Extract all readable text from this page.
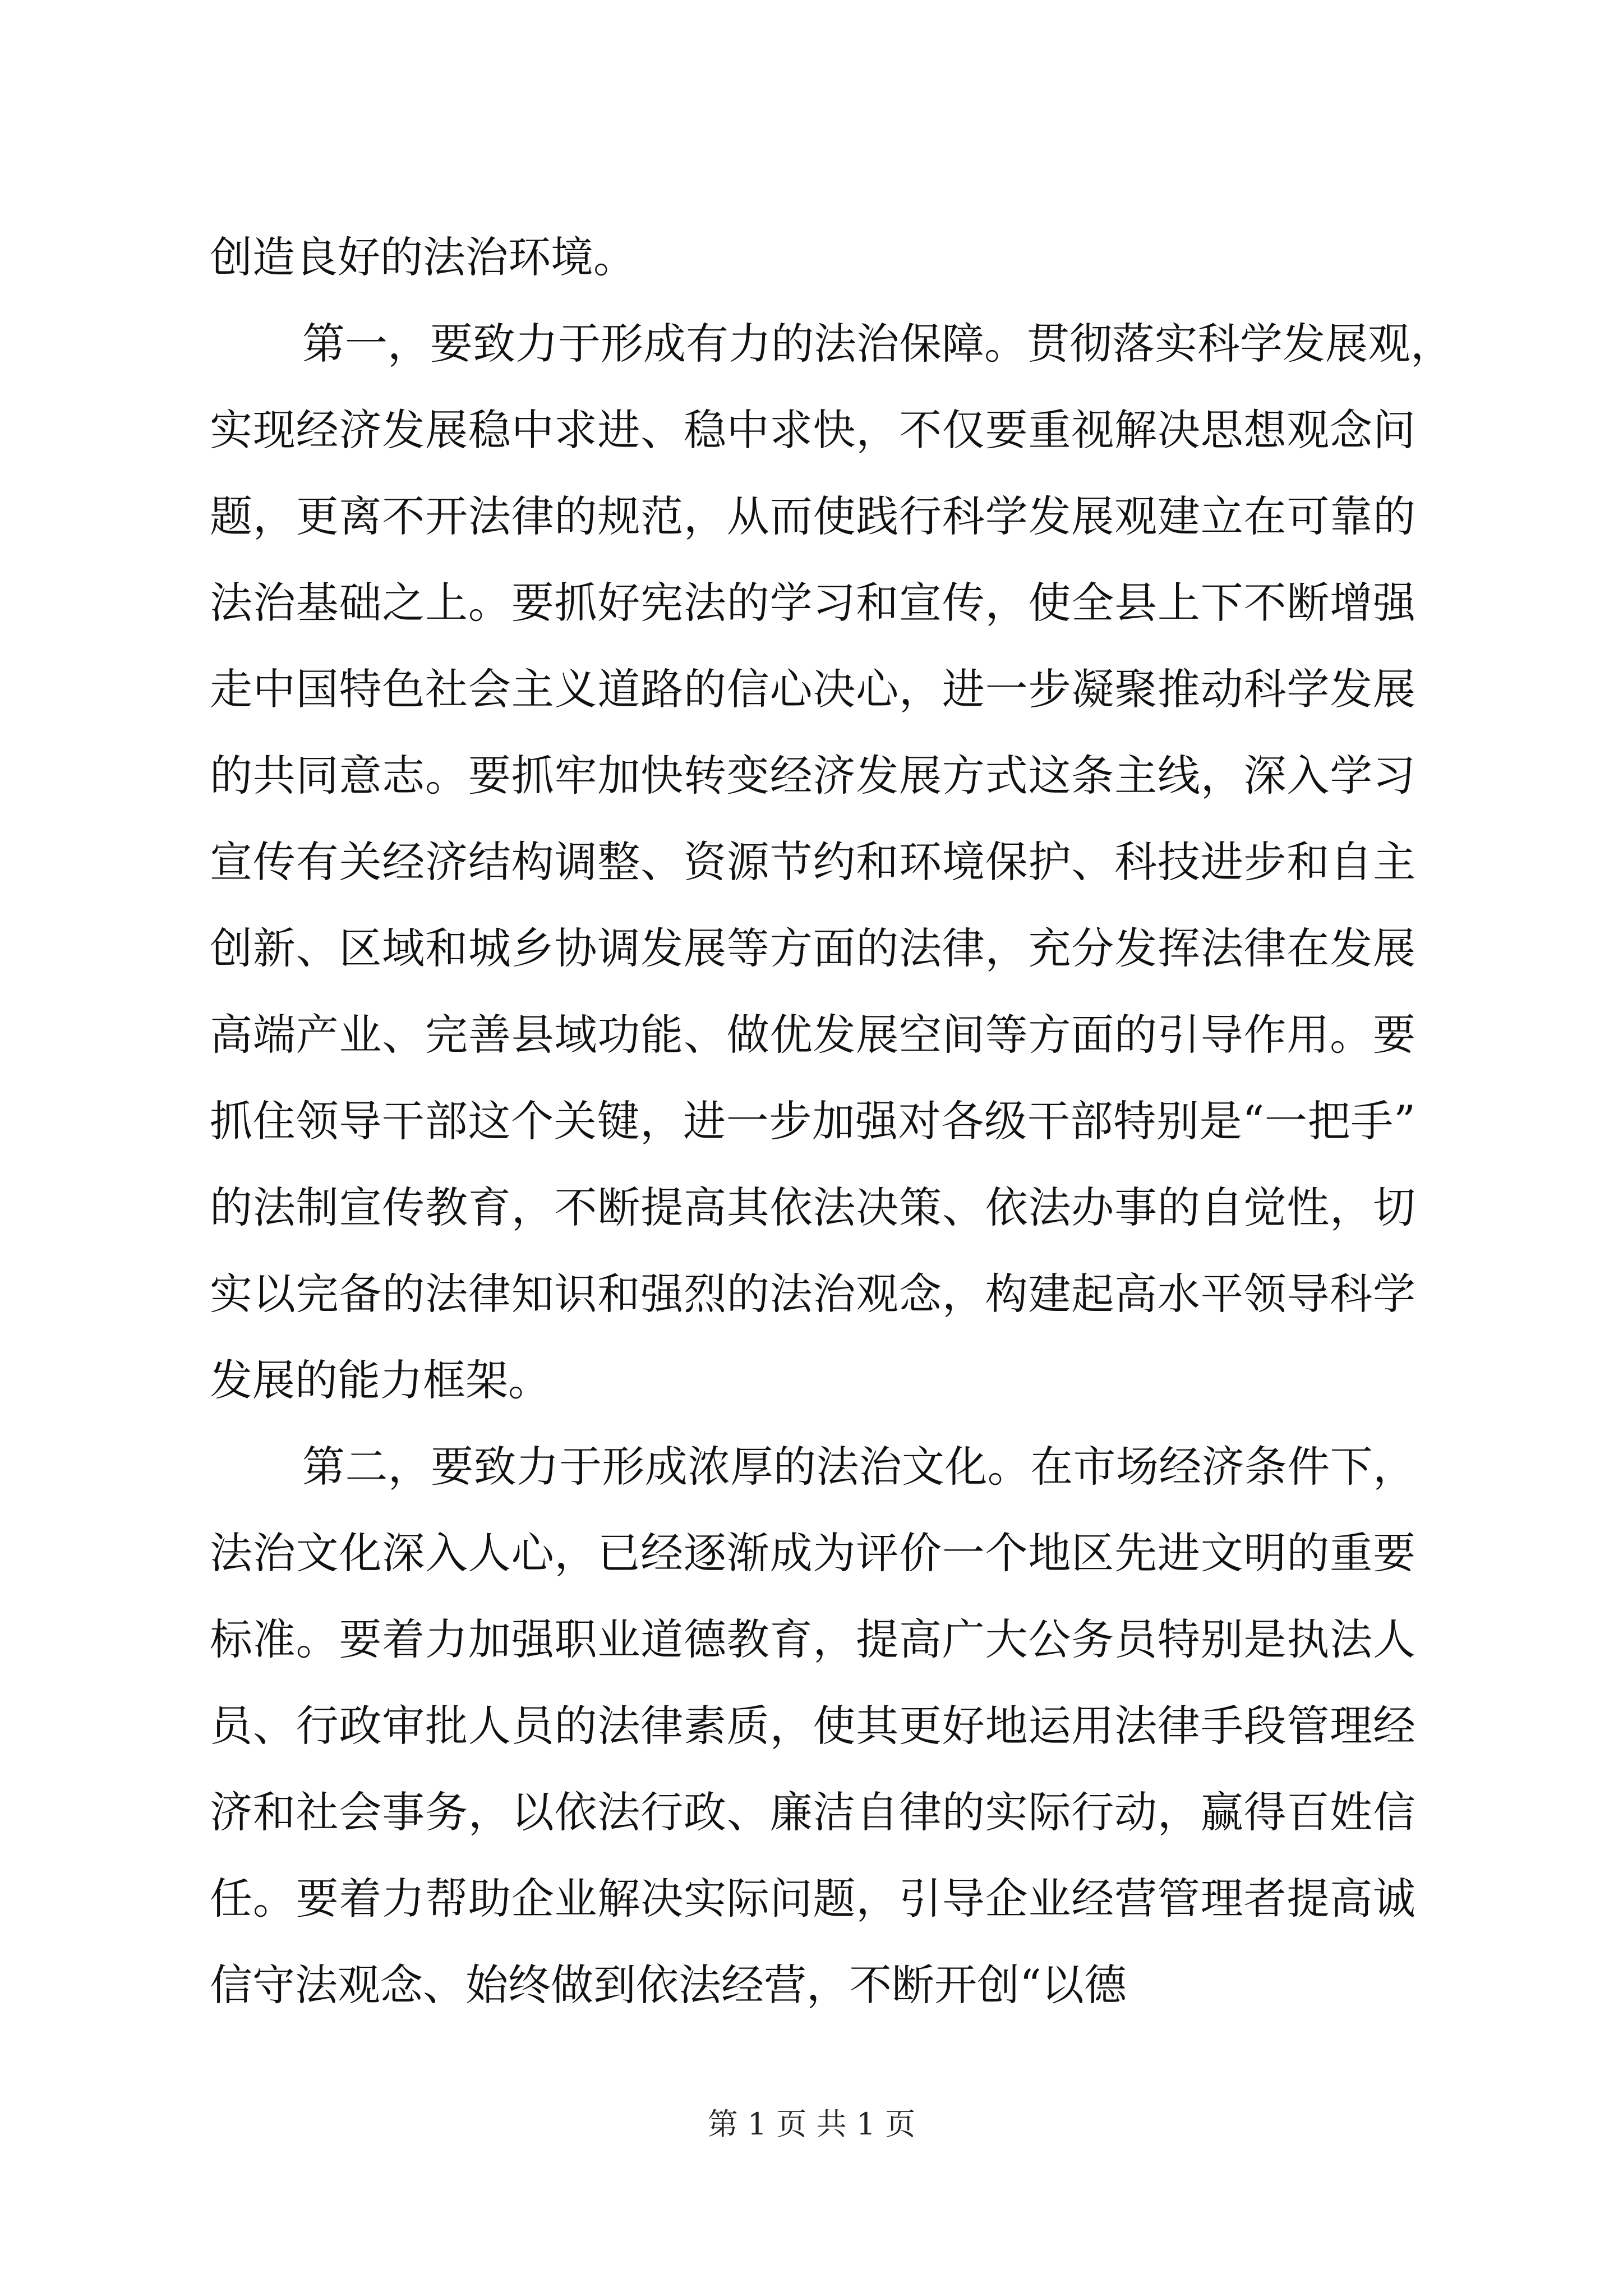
创造良好的法治环境。
第一，要致力于形成有力的法治保障。贯彻落实科学发展观，
实现经济发展稳中求进、稳中求快，不仅要重视解决思想观念问
题，更离不开法律的规范，从而使践行科学发展观建立在可靠的
法治基础之上。要抓好宪法的学习和宣传，使全县上下不断增强
走中国特色社会主义道路的信心决心，进一步凝聚推动科学发展
的共同意志。要抓牢加快转变经济发展方式这条主线，深入学习
宣传有关经济结构调整、资源节约和环境保护、科技进步和自主
创新、区域和城乡协调发展等方面的法律，充分发挥法律在发展
高端产业、完善县域功能、做优发展空间等方面的引导作用。要
抓住领导干部这个关键，进一步加强对各级干部特别是“一把手”
的法制宣传教育，不断提高其依法决策、依法办事的自觉性，切
实以完备的法律知识和强烈的法治观念，构建起高水平领导科学
发展的能力框架。
第二，要致力于形成浓厚的法治文化。在市场经济条件下，
法治文化深入人心，已经逐渐成为评价一个地区先进文明的重要
标准。要着力加强职业道德教育，提高广大公务员特别是执法人
员、行政审批人员的法律素质，使其更好地运用法律手段管理经
济和社会事务，以依法行政、廉洁自律的实际行动，赢得百姓信
任。要着力帮助企业解决实际问题，引导企业经营管理者提高诚
信守法观念、始终做到依法经营，不断开创“以德
第 1 页 共 1 页
